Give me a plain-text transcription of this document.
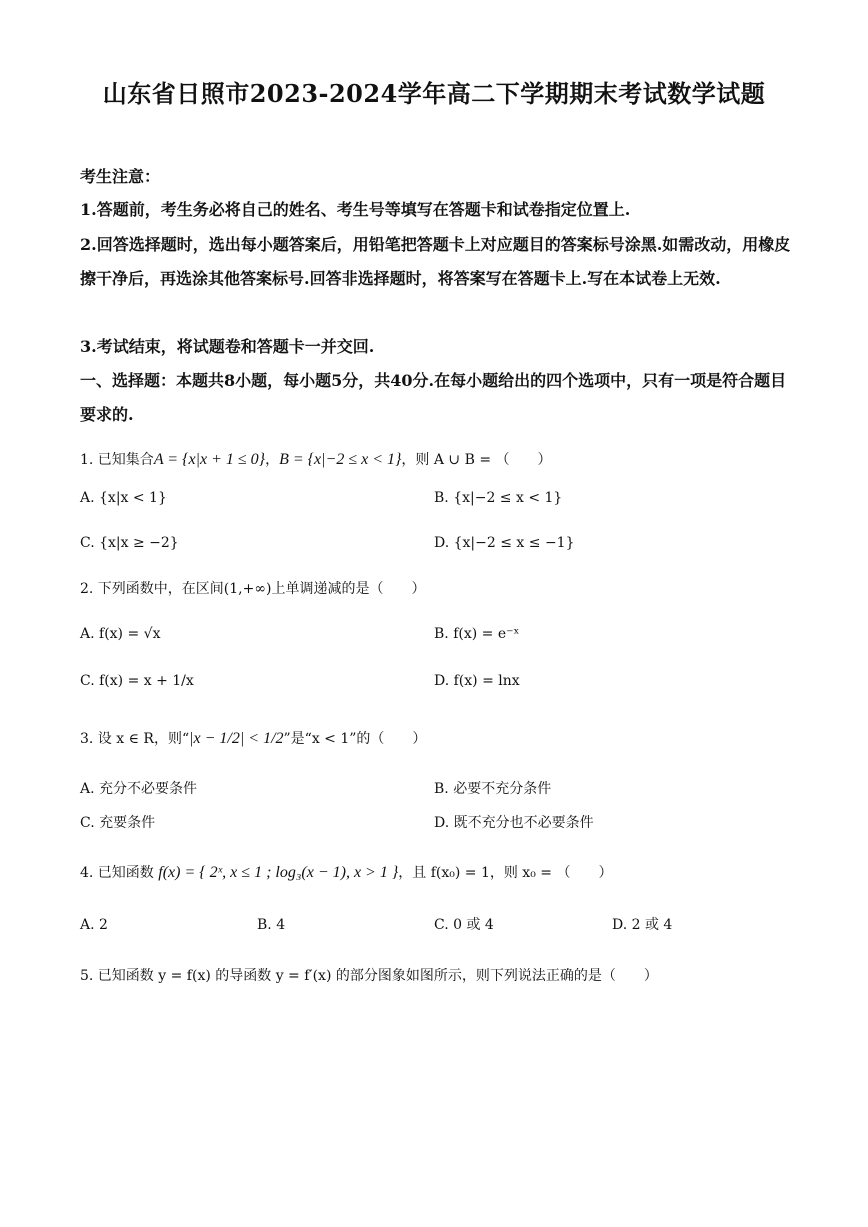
山东省日照市2023-2024学年高二下学期期末考试数学试题
考生注意：
1.答题前，考生务必将自己的姓名、考生号等填写在答题卡和试卷指定位置上.
2.回答选择题时，选出每小题答案后，用铅笔把答题卡上对应题目的答案标号涂黑.如需改动，用橡皮擦干净后，再选涂其他答案标号.回答非选择题时，将答案写在答题卡上.写在本试卷上无效.
3.考试结束，将试题卷和答题卡一并交回.
一、选择题：本题共8小题，每小题5分，共40分.在每小题给出的四个选项中，只有一项是符合题目要求的.
1. 已知集合A = {x|x + 1 ≤ 0}，B = {x|−2 ≤ x < 1}，则 A ∪ B = （　　）
A. {x|x < 1}	B. {x|−2 ≤ x < 1}
C. {x|x ≥ −2}	D. {x|−2 ≤ x ≤ −1}
2. 下列函数中，在区间(1,+∞)上单调递减的是（　　）
A. f(x) = √x	B. f(x) = e⁻ˣ
C. f(x) = x + 1/x	D. f(x) = lnx
3. 设 x ∈ R，则“|x − 1/2| < 1/2”是“x < 1”的（　　）
A. 充分不必要条件	B. 必要不充分条件
C. 充要条件	D. 既不充分也不必要条件
4. 已知函数 f(x) = { 2ˣ, x ≤ 1 ; log₃(x − 1), x > 1 }，且 f(x₀) = 1，则 x₀ = （　　）
A. 2	B. 4	C. 0 或 4	D. 2 或 4
5. 已知函数 y = f(x) 的导函数 y = f′(x) 的部分图象如图所示，则下列说法正确的是（　　）
